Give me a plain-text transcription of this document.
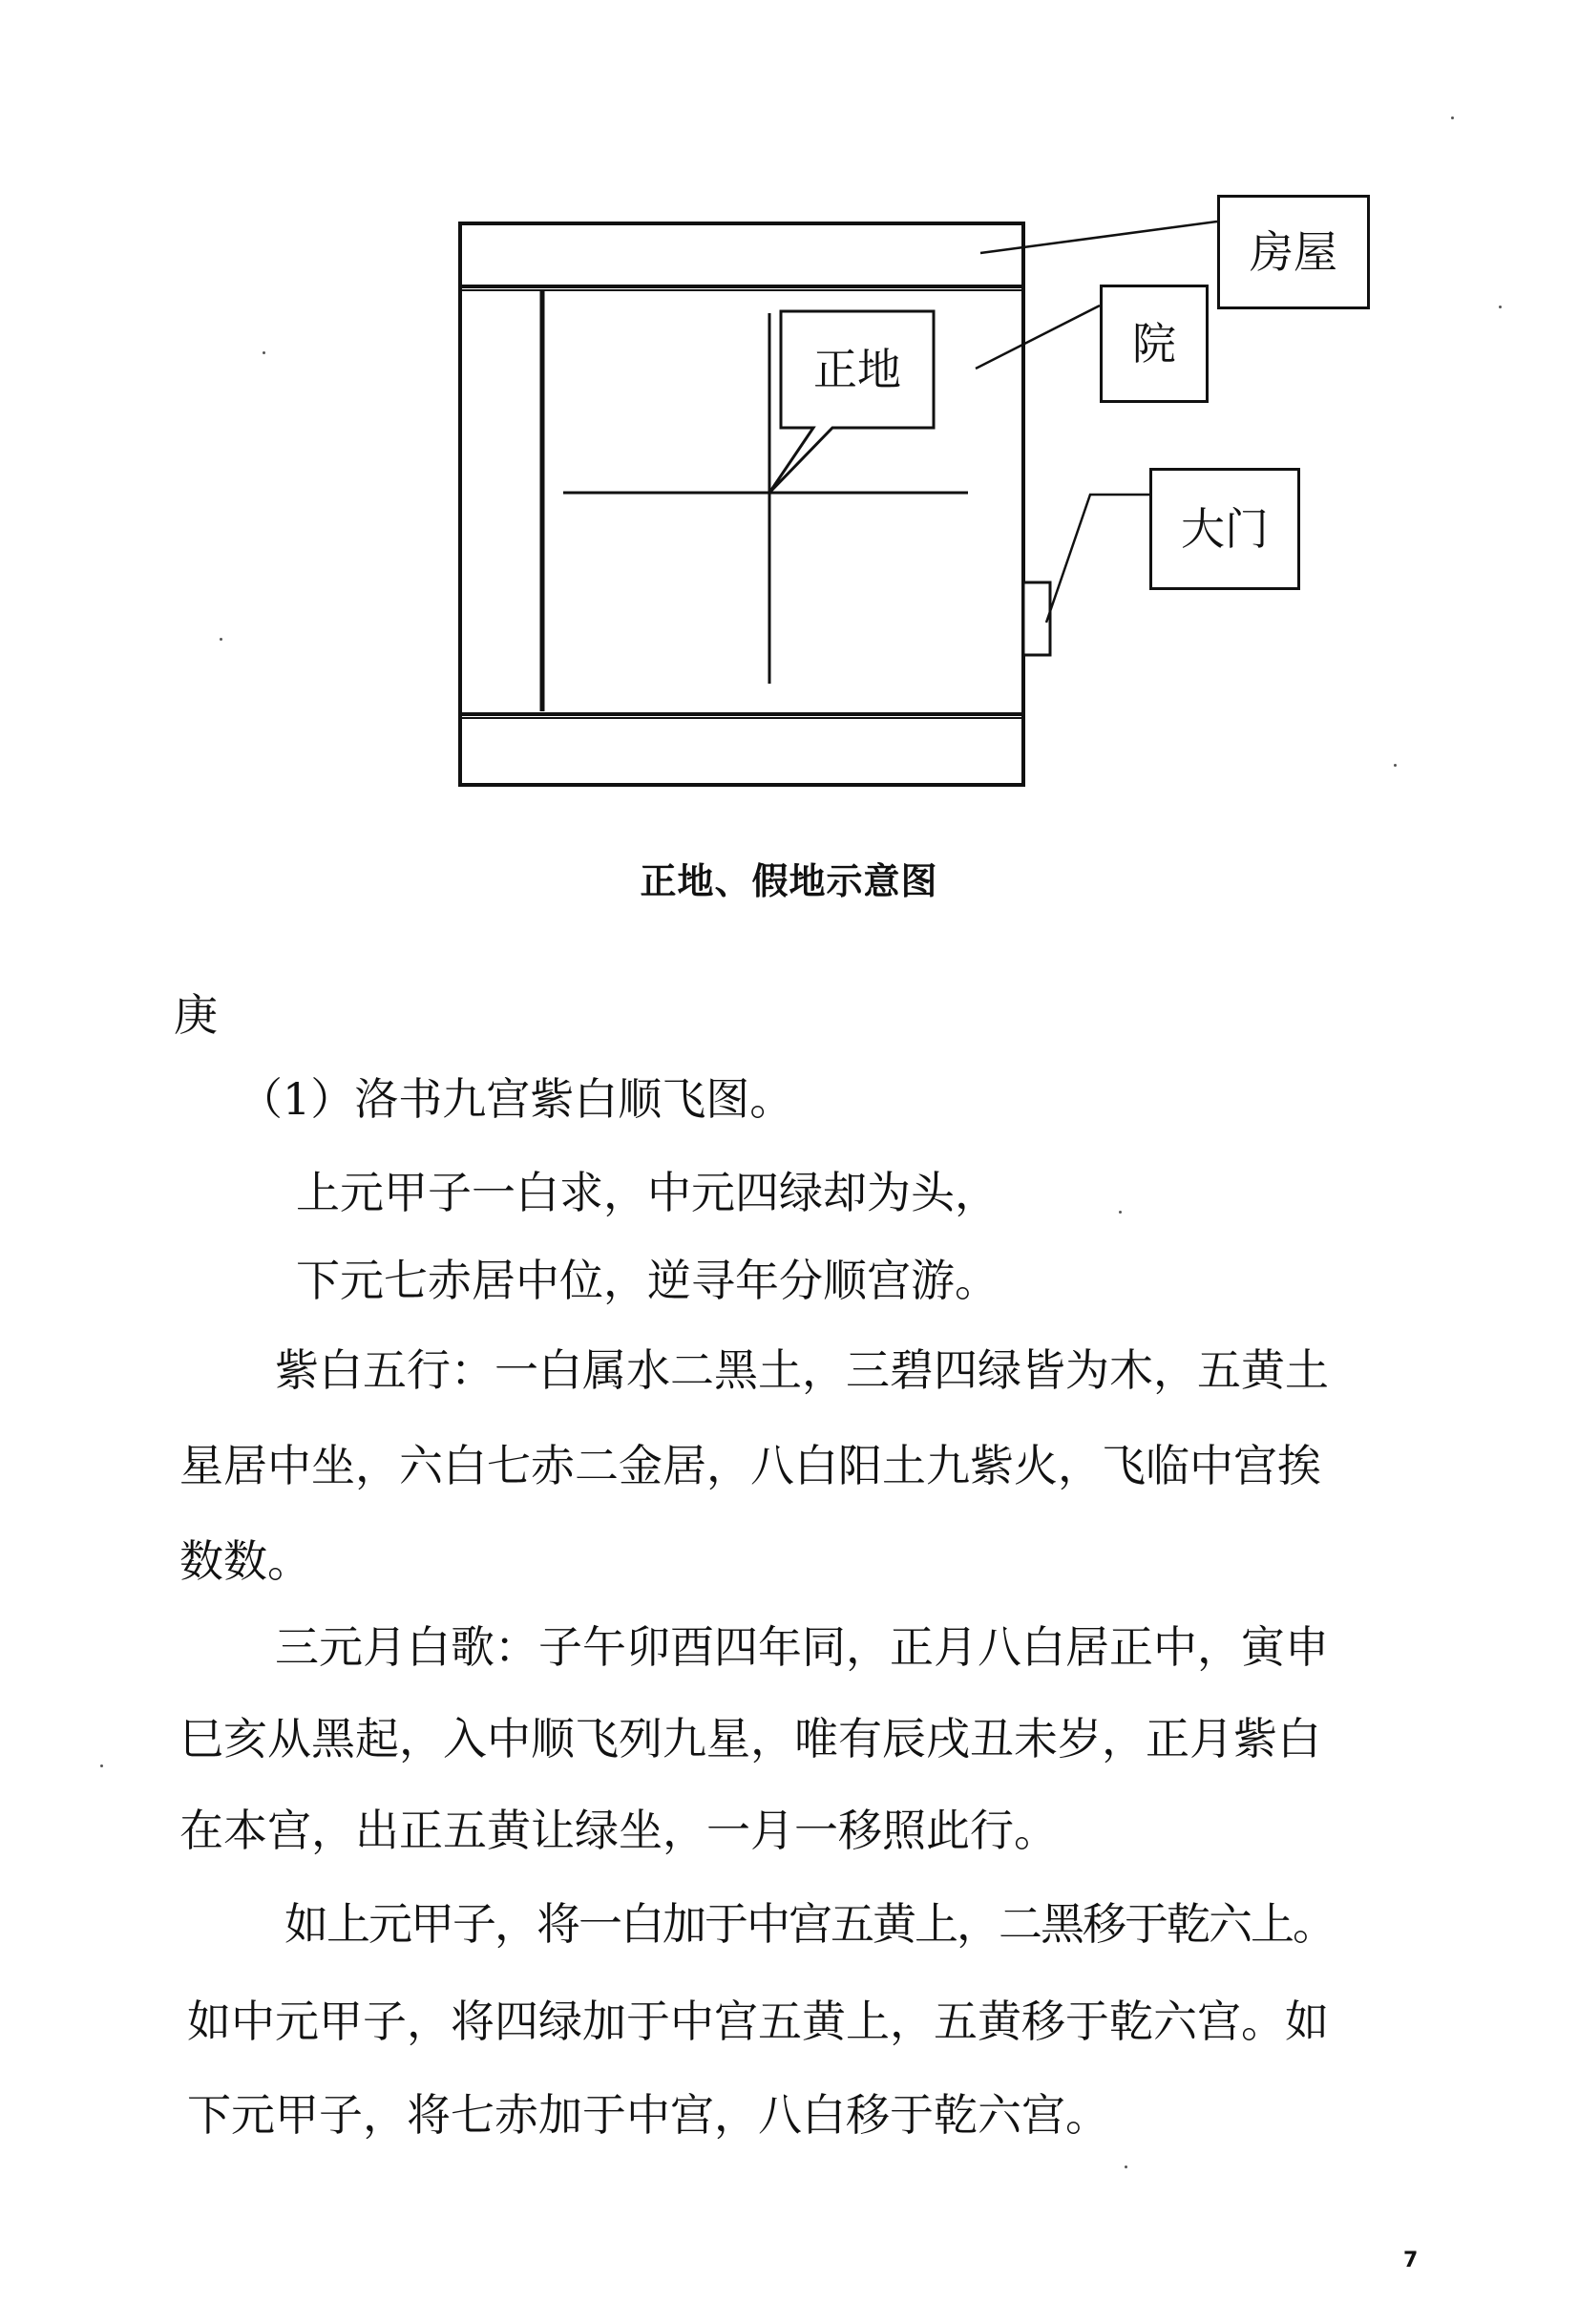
房屋
院
正地
大门
正地、假地示意图
庚
（1）洛书九宫紫白顺飞图。
上元甲子一白求，中元四绿却为头，
下元七赤居中位，逆寻年分顺宫游。
紫白五行：一白属水二黑土，三碧四绿皆为木，五黄土
星居中坐，六白七赤二金居，八白阳土九紫火，飞临中宫挨
数数。
三元月白歌：子午卯酉四年同，正月八白居正中，寅申
巳亥从黑起，入中顺飞列九星，唯有辰戌丑未岁，正月紫白
在本宫，出正五黄让绿坐，一月一移照此行。
如上元甲子，将一白加于中宫五黄上，二黑移于乾六上。
如中元甲子，将四绿加于中宫五黄上，五黄移于乾六宫。如
下元甲子，将七赤加于中宫，八白移于乾六宫。
7
